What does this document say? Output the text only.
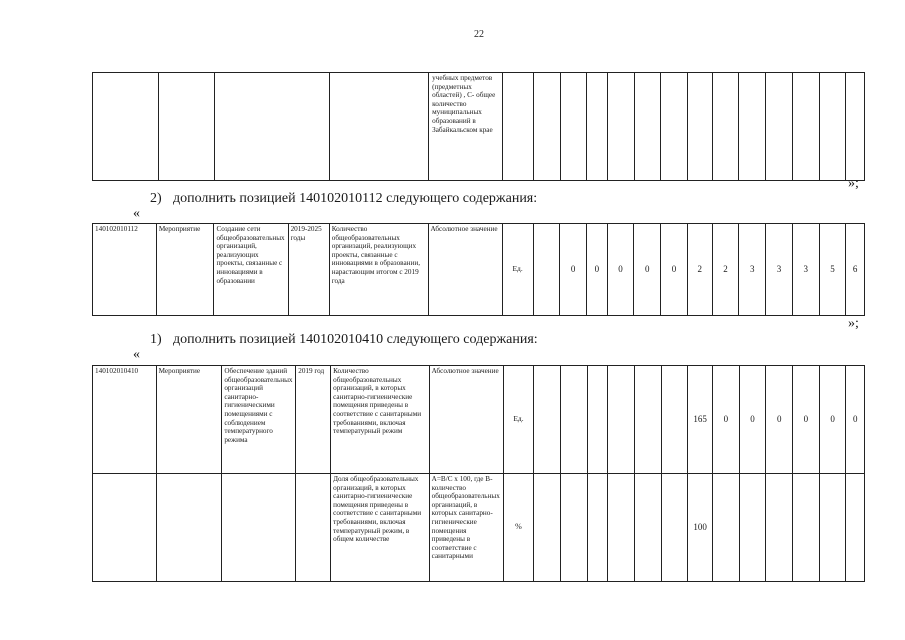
22
				учебных предметов (предметных областей) , С- общее количество муниципальных образований в Забайкальском крае														
»;
2) дополнить позицией 140102010112 следующего содержания:
«
140102010112	Мероприятие	Создание сети общеобразовательных организаций, реализующих проекты, связанные с инновациями в образовании	2019-2025 годы	Количество общеобразовательных организаций, реализующих проекты, связанные с инновациями в образовании, нарастающим итогом с 2019 года	Абсолютное значение	Ед.		0	0	0	0	0	2	2	3	3	3	5	6
»;
1) дополнить позицией 140102010410 следующего содержания:
«
140102010410	Мероприятие	Обеспечение зданий общеобразовательных организаций санитарно-гигиеническими помещениями с соблюдением температурного режима	2019 год	Количество общеобразовательных организаций, в которых санитарно-гигиенические помещения приведены в соответствие с санитарными требованиями, включая температурный режим	Абсолютное значение	Ед.							165	0	0	0	0	0	0
				Доля общеобразовательных организаций, в которых санитарно-гигиенические помещения приведены в соответствие с санитарными требованиями, включая температурный режим, в общем количестве	A=B/C x 100, где B- количество общеобразовательных организаций, в которых санитарно-гигиенические помещения приведены в соответствие с санитарными	%							100						
